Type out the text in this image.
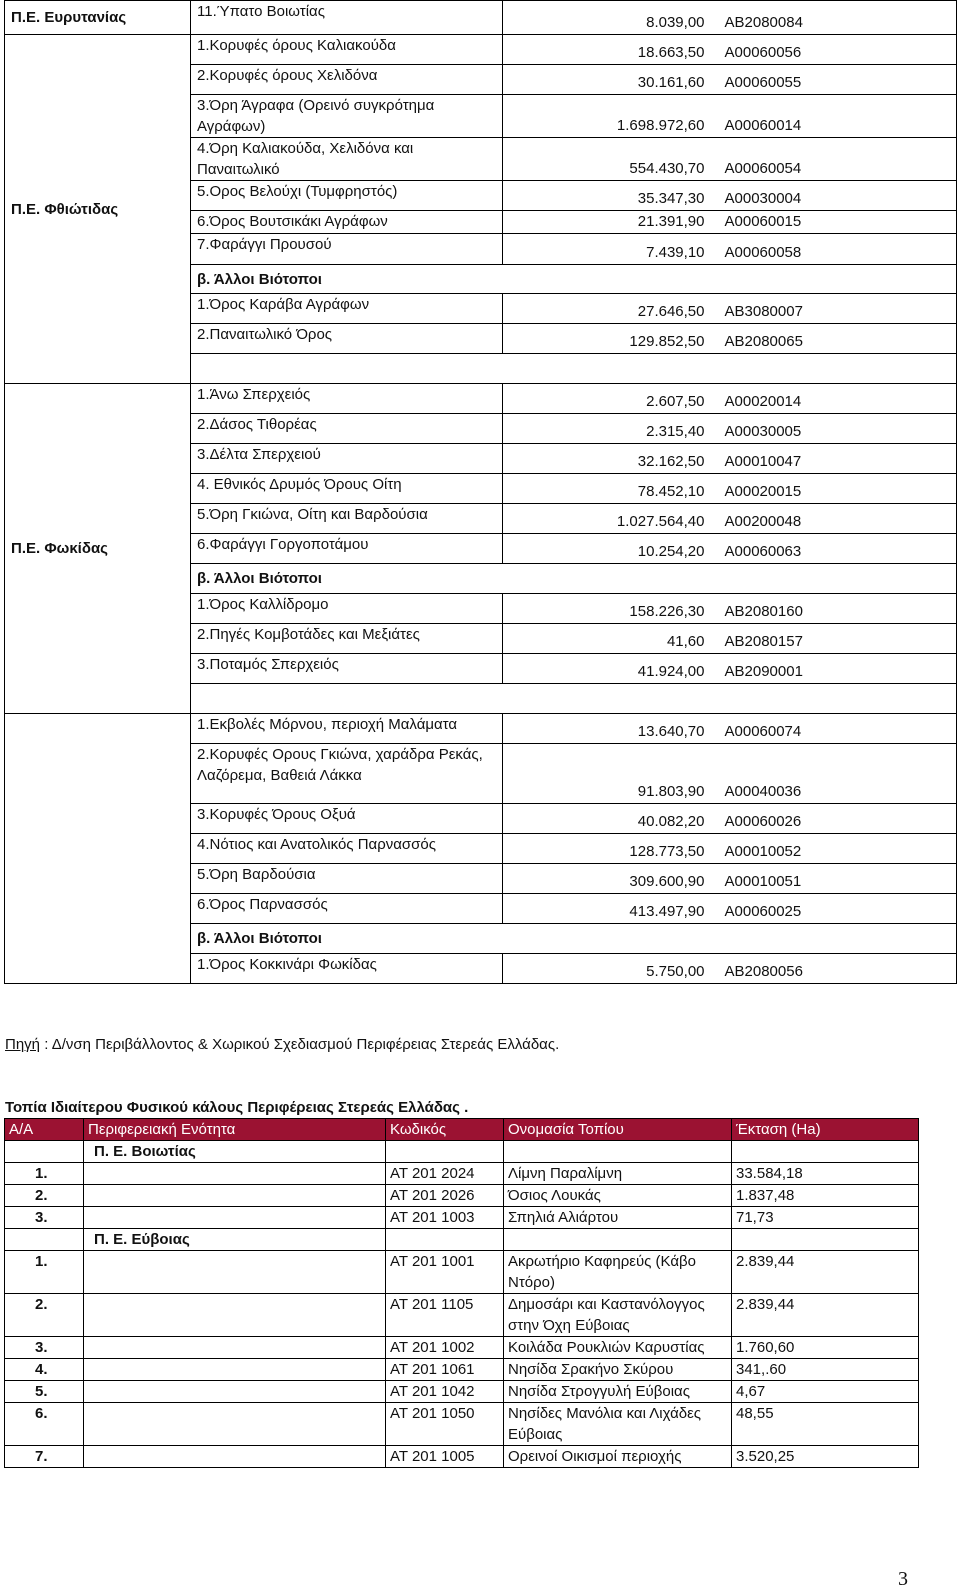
Π.Ε. Ευρυτανίας	11.Ύπατο Βοιωτίας	8.039,00	AB2080084
Π.Ε. Φθιώτιδας	1.Κορυφές όρους Καλιακούδα	18.663,50	A00060056
	2.Κορυφές όρους Χελιδόνα	30.161,60	A00060055
	3.Όρη Άγραφα (Ορεινό συγκρότημα Αγράφων)	1.698.972,60	A00060014
	4.Όρη Καλιακούδα, Χελιδόνα και Παναιτωλικό	554.430,70	A00060054
	5.Ορος Βελούχι (Τυμφρηστός)	35.347,30	A00030004
	6.Όρος Βουτσικάκι Αγράφων	21.391,90	A00060015
	7.Φαράγγι Προυσού	7.439,10	A00060058
	β. Άλλοι Βιότοποι		
	1.Όρος Καράβα Αγράφων	27.646,50	AB3080007
	2.Παναιτωλικό Όρος	129.852,50	AB2080065

Π.Ε. Φωκίδας	1.Άνω Σπερχειός	2.607,50	A00020014
	2.Δάσος Τιθορέας	2.315,40	A00030005
	3.Δέλτα Σπερχειού	32.162,50	A00010047
	4. Εθνικός Δρυμός Όρους Οίτη	78.452,10	A00020015
	5.Όρη Γκιώνα, Οίτη και Βαρδούσια	1.027.564,40	A00200048
	6.Φαράγγι Γοργοποτάμου	10.254,20	A00060063
	β. Άλλοι Βιότοποι		
	1.Όρος Καλλίδρομο	158.226,30	AB2080160
	2.Πηγές Κομβοτάδες και Μεξιάτες	41,60	AB2080157
	3.Ποταμός Σπερχειός	41.924,00	AB2090001

	1.Εκβολές Μόρνου, περιοχή Μαλάματα	13.640,70	A00060074
	2.Κορυφές Ορους Γκιώνα, χαράδρα Ρεκάς, Λαζόρεμα, Βαθειά Λάκκα	91.803,90	A00040036
	3.Κορυφές Όρους Οξυά	40.082,20	A00060026
	4.Νότιος και Ανατολικός Παρνασσός	128.773,50	A00010052
	5.Όρη Βαρδούσια	309.600,90	A00010051
	6.Όρος Παρνασσός	413.497,90	A00060025
	β. Άλλοι Βιότοποι		
	1.Όρος Κοκκινάρι Φωκίδας	5.750,00	AB2080056
Πηγή : Δ/νση Περιβάλλοντος & Χωρικού Σχεδιασμού Περιφέρειας Στερεάς Ελλάδας.
Τοπία Ιδιαίτερου Φυσικού κάλους Περιφέρειας Στερεάς Ελλάδας .
Α/Α	Περιφερειακή Ενότητα	Κωδικός	Ονομασία Τοπίου	Έκταση (Ha)
	Π. Ε. Βοιωτίας			
1.		ΑΤ 201 2024	Λίμνη Παραλίμνη	33.584,18
2.		ΑΤ 201 2026	Όσιος Λουκάς	1.837,48
3.		ΑΤ 201 1003	Σπηλιά Αλιάρτου	71,73
	Π. Ε. Εύβοιας			
1.		ΑΤ 201 1001	Ακρωτήριο Καφηρεύς (Κάβο Ντόρο)	2.839,44
2.		ΑΤ 201 1105	Δημοσάρι και Καστανόλογγος στην Όχη Εύβοιας	2.839,44
3.		ΑΤ 201 1002	Κοιλάδα Ρουκλιών Καρυστίας	1.760,60
4.		ΑΤ 201 1061	Νησίδα Σρακήνο Σκύρου	341,.60
5.		ΑΤ 201 1042	Νησίδα Στρογγυλή Εύβοιας	4,67
6.		ΑΤ 201 1050	Νησίδες Μανόλια και Λιχάδες Εύβοιας	48,55
7.		ΑΤ 201 1005	Ορεινοί Οικισμοί περιοχής	3.520,25
3
